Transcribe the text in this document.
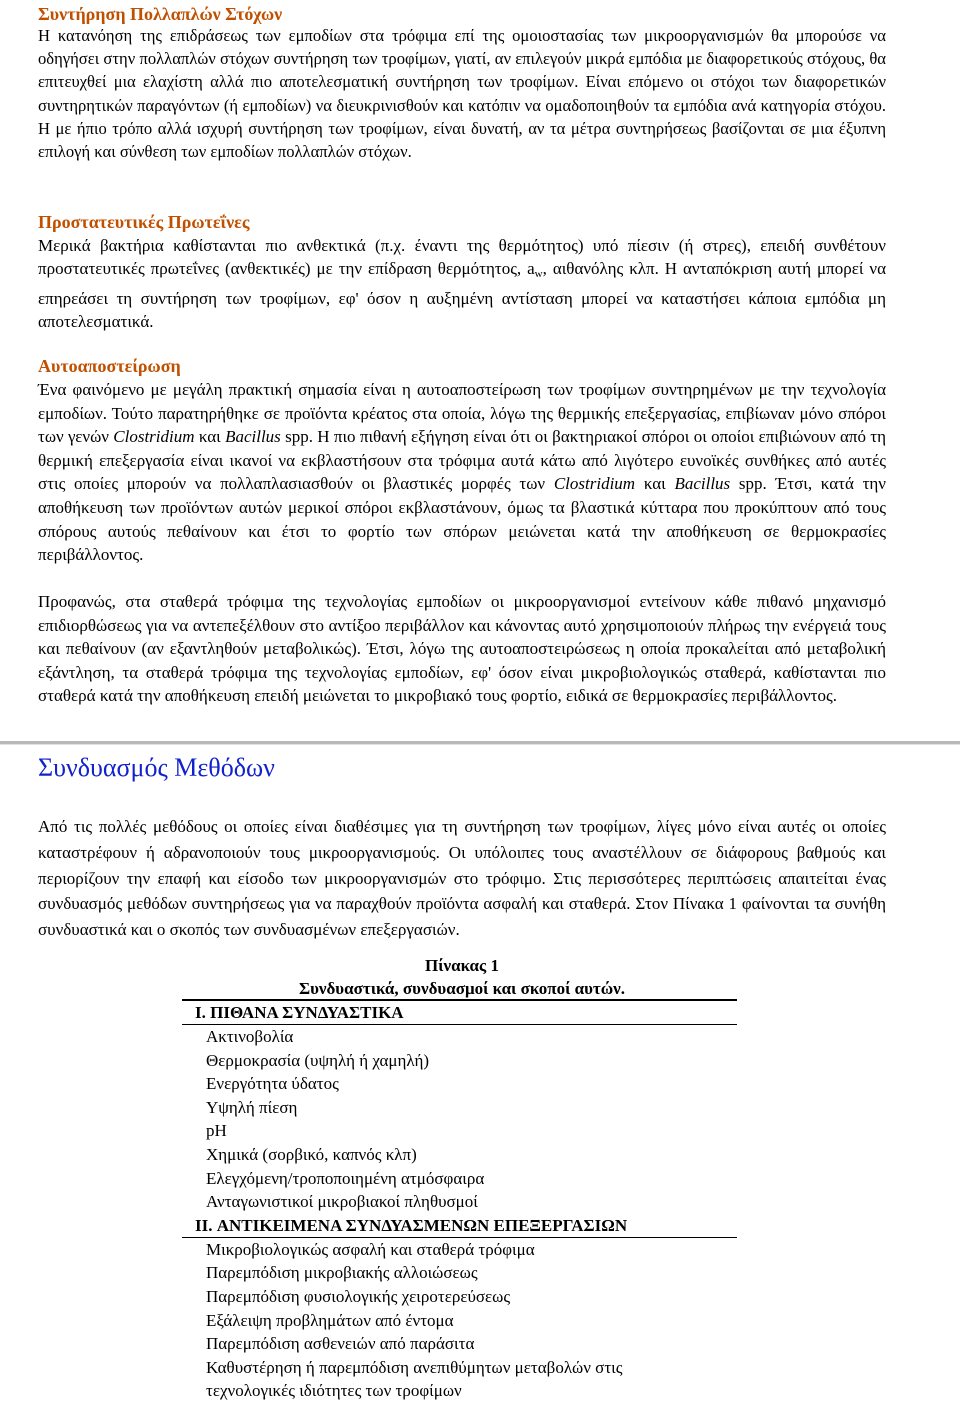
Συντήρηση Πολλαπλών Στόχων

Η κατανόηση της επιδράσεως των εμποδίων στα τρόφιμα επί της ομοιοστασίας των μικροοργανισμών θα μπορούσε να οδηγήσει στην πολλαπλών στόχων συντήρηση των τροφίμων, γιατί, αν επιλεγούν μικρά εμπόδια με διαφορετικούς στόχους, θα επιτευχθεί μια ελαχίστη αλλά πιο αποτελεσματική συντήρηση των τροφίμων. Είναι επόμενο οι στόχοι των διαφορετικών συντηρητικών παραγόντων (ή εμποδίων) να διευκρινισθούν και κατόπιν να ομαδοποιηθούν τα εμπόδια ανά κατηγορία στόχου. Η με ήπιο τρόπο αλλά ισχυρή συντήρηση των τροφίμων, είναι δυνατή, αν τα μέτρα συντηρήσεως βασίζονται σε μια έξυπνη επιλογή και σύνθεση των εμποδίων πολλαπλών στόχων.

Προστατευτικές Πρωτεΐνες

Μερικά βακτήρια καθίστανται πιο ανθεκτικά (π.χ. έναντι της θερμότητος) υπό πίεσιν (ή στρες), επειδή συνθέτουν προστατευτικές πρωτεΐνες (ανθεκτικές) με την επίδραση θερμότητος, $a_w$, αιθανόλης κλπ. Η ανταπόκριση αυτή μπορεί να επηρεάσει τη συντήρηση των τροφίμων, εφ' όσον η αυξημένη αντίσταση μπορεί να καταστήσει κάποια εμπόδια μη αποτελεσματικά.

Αυτοαποστείρωση

Ένα φαινόμενο με μεγάλη πρακτική σημασία είναι η αυτοαποστείρωση των τροφίμων συντηρημένων με την τεχνολογία εμποδίων. Τούτο παρατηρήθηκε σε προϊόντα κρέατος στα οποία, λόγω της θερμικής επεξεργασίας, επιβίωναν μόνο σπόροι των γενών Clostridium και Bacillus spp. Η πιο πιθανή εξήγηση είναι ότι οι βακτηριακοί σπόροι οι οποίοι επιβιώνουν από τη θερμική επεξεργασία είναι ικανοί να εκβλαστήσουν στα τρόφιμα αυτά κάτω από λιγότερο ευνοϊκές συνθήκες από αυτές στις οποίες μπορούν να πολλαπλασιασθούν οι βλαστικές μορφές των Clostridium και Bacillus spp. Έτσι, κατά την αποθήκευση των προϊόντων αυτών μερικοί σπόροι εκβλαστάνουν, όμως τα βλαστικά κύτταρα που προκύπτουν από τους σπόρους αυτούς πεθαίνουν και έτσι το φορτίο των σπόρων μειώνεται κατά την αποθήκευση σε θερμοκρασίες περιβάλλοντος.

Προφανώς, στα σταθερά τρόφιμα της τεχνολογίας εμποδίων οι μικροοργανισμοί εντείνουν κάθε πιθανό μηχανισμό επιδιορθώσεως για να αντεπεξέλθουν στο αντίξοο περιβάλλον και κάνοντας αυτό χρησιμοποιούν πλήρως την ενέργειά τους και πεθαίνουν (αν εξαντληθούν μεταβολικώς). Έτσι, λόγω της αυτοαποστειρώσεως η οποία προκαλείται από μεταβολική εξάντληση, τα σταθερά τρόφιμα της τεχνολογίας εμποδίων, εφ' όσον είναι μικροβιολογικώς σταθερά, καθίστανται πιο σταθερά κατά την αποθήκευση επειδή μειώνεται το μικροβιακό τους φορτίο, ειδικά σε θερμοκρασίες περιβάλλοντος.

Συνδυασμός Μεθόδων

Από τις πολλές μεθόδους οι οποίες είναι διαθέσιμες για τη συντήρηση των τροφίμων, λίγες μόνο είναι αυτές οι οποίες καταστρέφουν ή αδρανοποιούν τους μικροοργανισμούς. Οι υπόλοιπες τους αναστέλλουν σε διάφορους βαθμούς και περιορίζουν την επαφή και είσοδο των μικροοργανισμών στο τρόφιμο. Στις περισσότερες περιπτώσεις απαιτείται ένας συνδυασμός μεθόδων συντηρήσεως για να παραχθούν προϊόντα ασφαλή και σταθερά. Στον Πίνακα 1 φαίνονται τα συνήθη συνδυαστικά και ο σκοπός των συνδυασμένων επεξεργασιών.

Πίνακας 1

Συνδυαστικά, συνδυασμοί και σκοποί αυτών.

I. ΠΙΘΑΝΑ ΣΥΝΔΥΑΣΤΙΚΑ

Ακτινοβολία

Θερμοκρασία (υψηλή ή χαμηλή)

Ενεργότητα ύδατος

Υψηλή πίεση

pH

Χημικά (σορβικό, καπνός κλπ)

Ελεγχόμενη/τροποποιημένη ατμόσφαιρα

Ανταγωνιστικοί μικροβιακοί πληθυσμοί

II. ΑΝΤΙΚΕΙΜΕΝΑ ΣΥΝΔΥΑΣΜΕΝΩΝ ΕΠΕΞΕΡΓΑΣΙΩΝ

Μικροβιολογικώς ασφαλή και σταθερά τρόφιμα

Παρεμπόδιση μικροβιακής αλλοιώσεως

Παρεμπόδιση φυσιολογικής χειροτερεύσεως

Εξάλειψη προβλημάτων από έντομα

Παρεμπόδιση ασθενειών από παράσιτα

Καθυστέρηση ή παρεμπόδιση ανεπιθύμητων μεταβολών στις

τεχνολογικές ιδιότητες των τροφίμων
